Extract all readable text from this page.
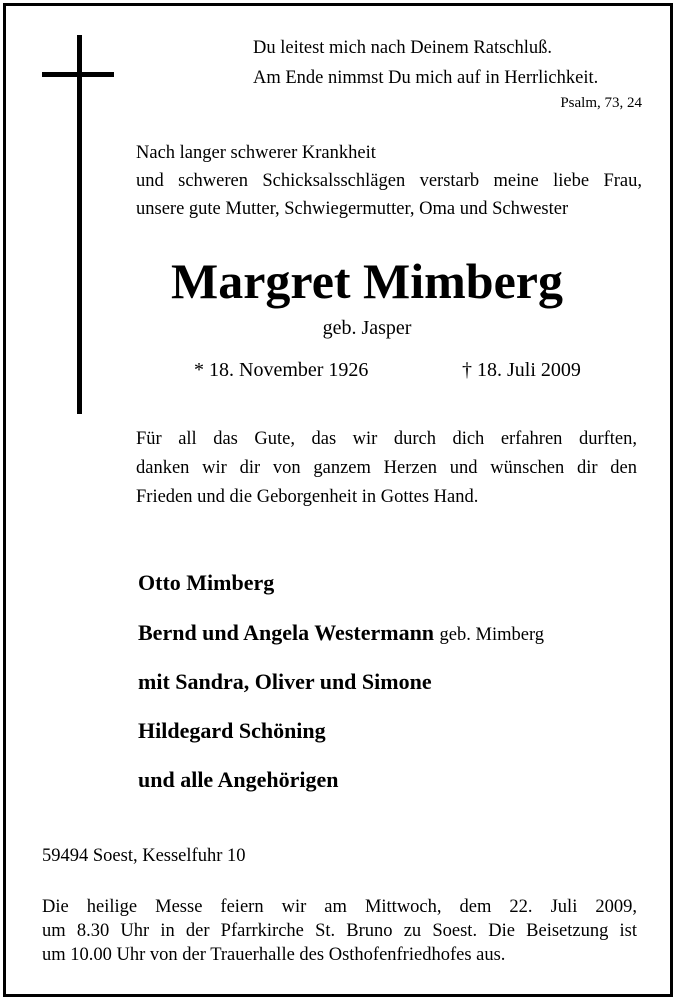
Du leitest mich nach Deinem Ratschluß.
Am Ende nimmst Du mich auf in Herrlichkeit.
Psalm, 73, 24
Nach langer schwerer Krankheit
und schweren Schicksalsschlägen verstarb meine liebe Frau,
unsere gute Mutter, Schwiegermutter, Oma und Schwester
Margret Mimberg
geb. Jasper
* 18. November 1926	† 18. Juli 2009
Für all das Gute, das wir durch dich erfahren durften,
danken wir dir von ganzem Herzen und wünschen dir den
Frieden und die Geborgenheit in Gottes Hand.
Otto Mimberg
Bernd und Angela Westermann geb. Mimberg
mit Sandra, Oliver und Simone
Hildegard Schöning
und alle Angehörigen
59494 Soest, Kesselfuhr 10
Die heilige Messe feiern wir am Mittwoch, dem 22. Juli 2009,
um 8.30 Uhr in der Pfarrkirche St. Bruno zu Soest. Die Beisetzung ist
um 10.00 Uhr von der Trauerhalle des Osthofenfriedhofes aus.
